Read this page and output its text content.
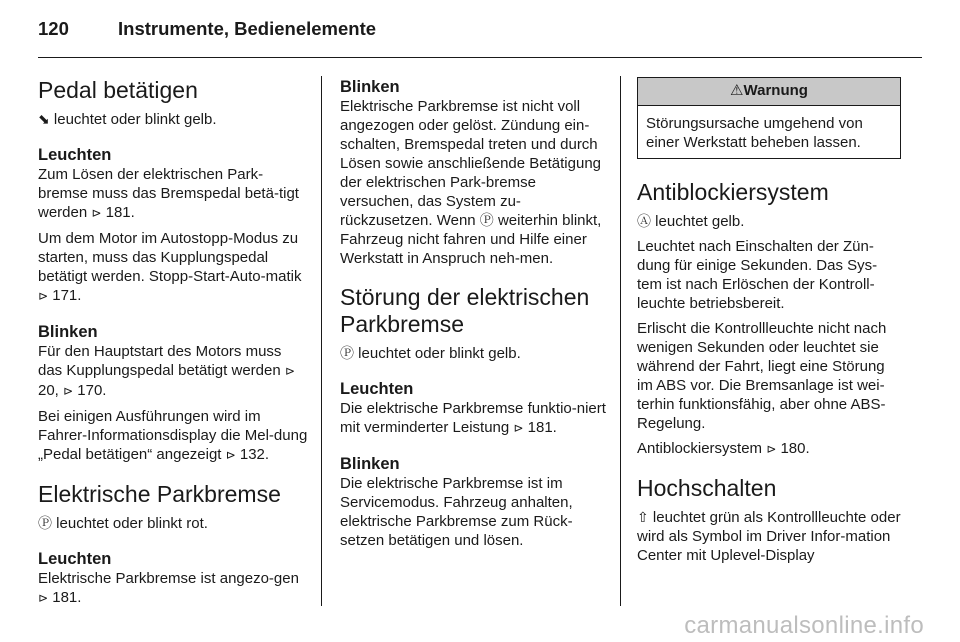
120	Instrumente, Bedienelemente
Pedal betätigen

⬊ leuchtet oder blinkt gelb.

Leuchten

Zum Lösen der elektrischen Park-bremse muss das Bremspedal betä-tigt werden ⊳ 181.

Um dem Motor im Autostopp-Modus zu starten, muss das Kupplungspedal betätigt werden. Stopp-Start-Auto-matik ⊳ 171.

Blinken

Für den Hauptstart des Motors muss das Kupplungspedal betätigt werden ⊳ 20, ⊳ 170.

Bei einigen Ausführungen wird im Fahrer-Informationsdisplay die Mel-dung „Pedal betätigen“ angezeigt ⊳ 132.

Elektrische Parkbremse

Ⓟ leuchtet oder blinkt rot.

Leuchten

Elektrische Parkbremse ist angezo-gen ⊳ 181.

Blinken

Elektrische Parkbremse ist nicht voll angezogen oder gelöst. Zündung ein-schalten, Bremspedal treten und durch Lösen sowie anschließende Betätigung der elektrischen Park-bremse versuchen, das System zu-rückzusetzen. Wenn Ⓟ weiterhin blinkt, Fahrzeug nicht fahren und Hilfe einer Werkstatt in Anspruch neh-men.

Störung der elektrischen Parkbremse

Ⓟ leuchtet oder blinkt gelb.

Leuchten

Die elektrische Parkbremse funktio-niert mit verminderter Leistung ⊳ 181.

Blinken

Die elektrische Parkbremse ist im Servicemodus. Fahrzeug anhalten, elektrische Parkbremse zum Rück-setzen betätigen und lösen.

⚠Warnung
Störungsursache umgehend von einer Werkstatt beheben lassen.
Antiblockiersystem

Ⓐ leuchtet gelb.

Leuchtet nach Einschalten der Zün-dung für einige Sekunden. Das Sys-tem ist nach Erlöschen der Kontroll-leuchte betriebsbereit.

Erlischt die Kontrollleuchte nicht nach wenigen Sekunden oder leuchtet sie während der Fahrt, liegt eine Störung im ABS vor. Die Bremsanlage ist wei-terhin funktionsfähig, aber ohne ABS-Regelung.

Antiblockiersystem ⊳ 180.

Hochschalten

⇧ leuchtet grün als Kontrollleuchte oder wird als Symbol im Driver Infor-mation Center mit Uplevel-Display

carmanualsonline.info
